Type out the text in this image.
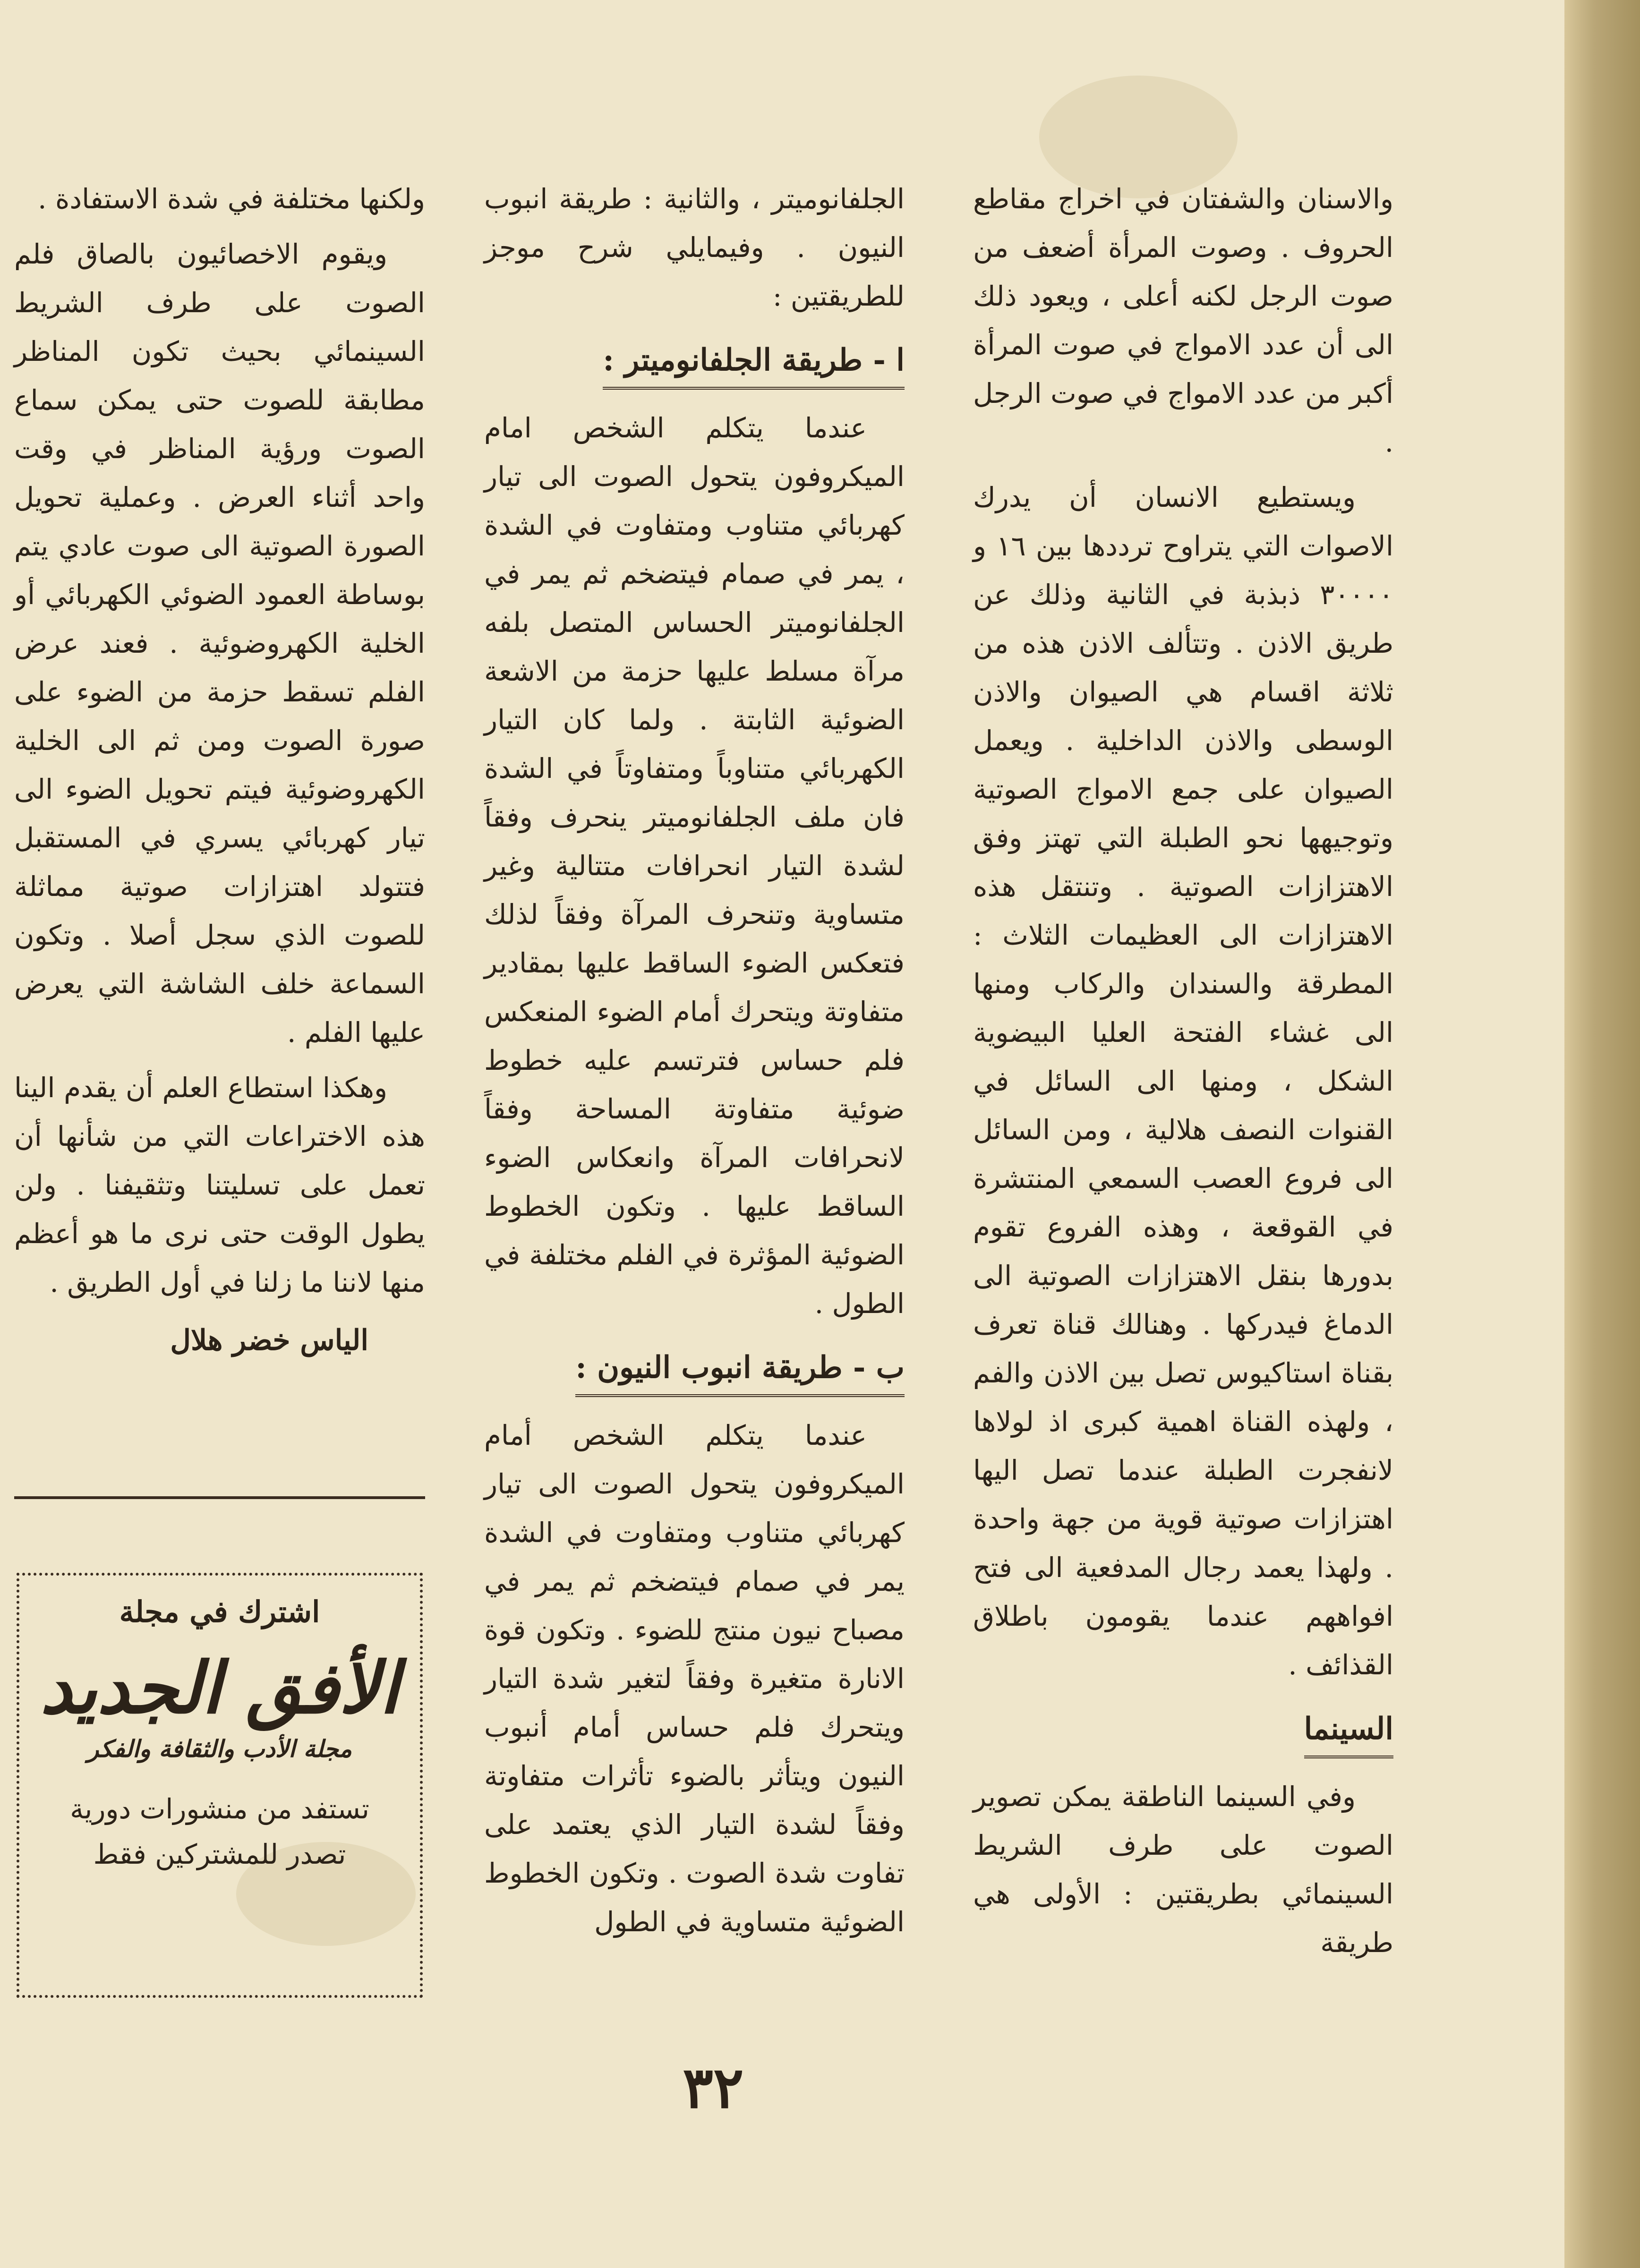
والاسنان والشفتان في اخراج مقاطع الحروف . وصوت المرأة أضعف من صوت الرجل لكنه أعلى ، ويعود ذلك الى أن عدد الامواج في صوت المرأة أكبر من عدد الامواج في صوت الرجل .

ويستطيع الانسان أن يدرك الاصوات التي يتراوح ترددها بين ١٦ و ٣٠٠٠٠ ذبذبة في الثانية وذلك عن طريق الاذن . وتتألف الاذن هذه من ثلاثة اقسام هي الصيوان والاذن الوسطى والاذن الداخلية . ويعمل الصيوان على جمع الامواج الصوتية وتوجيهها نحو الطبلة التي تهتز وفق الاهتزازات الصوتية . وتنتقل هذه الاهتزازات الى العظيمات الثلاث : المطرقة والسندان والركاب ومنها الى غشاء الفتحة العليا البيضوية الشكل ، ومنها الى السائل في القنوات النصف هلالية ، ومن السائل الى فروع العصب السمعي المنتشرة في القوقعة ، وهذه الفروع تقوم بدورها بنقل الاهتزازات الصوتية الى الدماغ فيدركها . وهنالك قناة تعرف بقناة استاكيوس تصل بين الاذن والفم ، ولهذه القناة اهمية كبرى اذ لولاها لانفجرت الطبلة عندما تصل اليها اهتزازات صوتية قوية من جهة واحدة . ولهذا يعمد رجال المدفعية الى فتح افواههم عندما يقومون باطلاق القذائف .

السينما

وفي السينما الناطقة يمكن تصوير الصوت على طرف الشريط السينمائي بطريقتين : الأولى هي طريقة

الجلفانوميتر ، والثانية : طريقة انبوب النيون . وفيمايلي شرح موجز للطريقتين :

ا - طريقة الجلفانوميتر :

عندما يتكلم الشخص امام الميكروفون يتحول الصوت الى تيار كهربائي متناوب ومتفاوت في الشدة ، يمر في صمام فيتضخم ثم يمر في الجلفانوميتر الحساس المتصل بلفه مرآة مسلط عليها حزمة من الاشعة الضوئية الثابتة . ولما كان التيار الكهربائي متناوباً ومتفاوتاً في الشدة فان ملف الجلفانوميتر ينحرف وفقاً لشدة التيار انحرافات متتالية وغير متساوية وتنحرف المرآة وفقاً لذلك فتعكس الضوء الساقط عليها بمقادير متفاوتة ويتحرك أمام الضوء المنعكس فلم حساس فترتسم عليه خطوط ضوئية متفاوتة المساحة وفقاً لانحرافات المرآة وانعكاس الضوء الساقط عليها . وتكون الخطوط الضوئية المؤثرة في الفلم مختلفة في الطول .

ب - طريقة انبوب النيون :

عندما يتكلم الشخص أمام الميكروفون يتحول الصوت الى تيار كهربائي متناوب ومتفاوت في الشدة يمر في صمام فيتضخم ثم يمر في مصباح نيون منتج للضوء . وتكون قوة الانارة متغيرة وفقاً لتغير شدة التيار ويتحرك فلم حساس أمام أنبوب النيون ويتأثر بالضوء تأثرات متفاوتة وفقاً لشدة التيار الذي يعتمد على تفاوت شدة الصوت . وتكون الخطوط الضوئية متساوية في الطول

ولكنها مختلفة في شدة الاستفادة .

ويقوم الاخصائيون بالصاق فلم الصوت على طرف الشريط السينمائي بحيث تكون المناظر مطابقة للصوت حتى يمكن سماع الصوت ورؤية المناظر في وقت واحد أثناء العرض . وعملية تحويل الصورة الصوتية الى صوت عادي يتم بوساطة العمود الضوئي الكهربائي أو الخلية الكهروضوئية . فعند عرض الفلم تسقط حزمة من الضوء على صورة الصوت ومن ثم الى الخلية الكهروضوئية فيتم تحويل الضوء الى تيار كهربائي يسري في المستقبل فتتولد اهتزازات صوتية مماثلة للصوت الذي سجل أصلا . وتكون السماعة خلف الشاشة التي يعرض عليها الفلم .

وهكذا استطاع العلم أن يقدم الينا هذه الاختراعات التي من شأنها أن تعمل على تسليتنا وتثقيفنا . ولن يطول الوقت حتى نرى ما هو أعظم منها لاننا ما زلنا في أول الطريق .

الياس خضر هلال
اشترك في مجلة
الأفق الجديد
مجلة الأدب والثقافة والفكر
تستفد من منشورات دورية
تصدر للمشتركين فقط
٣٢
